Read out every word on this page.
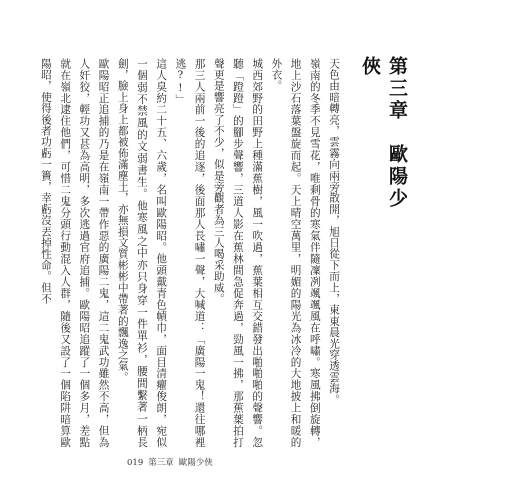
第三章　歐陽少俠

天色由暗轉亮，雲霧向兩旁散開，旭日從下而上，東東晨光穿透雲海。
嶺南的冬季不見雪花，唯剩骨的寒氣伴隨凜冽颯颯風在呼嘯。寒風拂倒旋轉，地上沙石落葉盤旋而起。天上晴空萬里，明媚的陽光為冰冷的大地披上和暖的外衣。
城西郊野的田野上種滿蕉樹，風一吹過，蕉葉相互交錯發出啪啪啪的聲響。忽聽「蹬蹬」的腳步聲響，三道人影在蕉林間急促奔過，勁風一拂，那蕉葉拍打聲更是響亮了不少，似是旁觀者為三人喝采助威。
那三人兩前一後的追逐，後面那人長嘯一聲，大喊道：「廣陽一鬼！還往哪裡逃?!」
這人臭約二十五、六歲，名叫歐陽昭。他頭戴青色幘巾，面目清癯俊朗，宛似一個弱不禁風的文弱書生。他寒風之中亦只身穿一件單衫，腰間繫著一柄長劍，臉上身上都被佈滿塵土，亦無損文質彬彬中帶著的飄逸之氣。
歐陽昭正追捕的乃是在嶺南一帶作惡的廣陽二鬼，這二鬼武功雖然不高，但為人奸狡，輕功又甚為高明，多次逃過官府追捕。歐陽昭追蹤了一個多月，差點就在嶺北逮住他們，可惜二鬼分頭行動混入人群，隨後又設了一個陷阱暗算歐陽昭，使得後者功虧一簣，幸虧沒丟掉性命。但不

019 第三章 歐陽少俠
